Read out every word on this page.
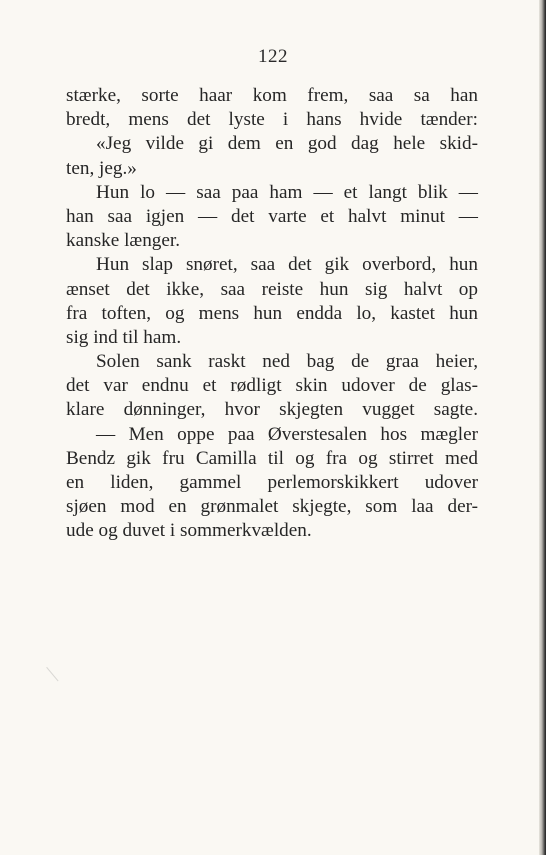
122
stærke, sorte haar kom frem, saa sa han
bredt, mens det lyste i hans hvide tænder:
«Jeg vilde gi dem en god dag hele skid-
ten, jeg.»
Hun lo — saa paa ham — et langt blik —
han saa igjen — det varte et halvt minut —
kanske længer.
Hun slap snøret, saa det gik overbord, hun
ænset det ikke, saa reiste hun sig halvt op
fra toften, og mens hun endda lo, kastet hun
sig ind til ham.
Solen sank raskt ned bag de graa heier,
det var endnu et rødligt skin udover de glas-
klare dønninger, hvor skjegten vugget sagte.
— Men oppe paa Øverstesalen hos mægler
Bendz gik fru Camilla til og fra og stirret med
en liden, gammel perlemorskikkert udover
sjøen mod en grønmalet skjegte, som laa der-
ude og duvet i sommerkvælden.
